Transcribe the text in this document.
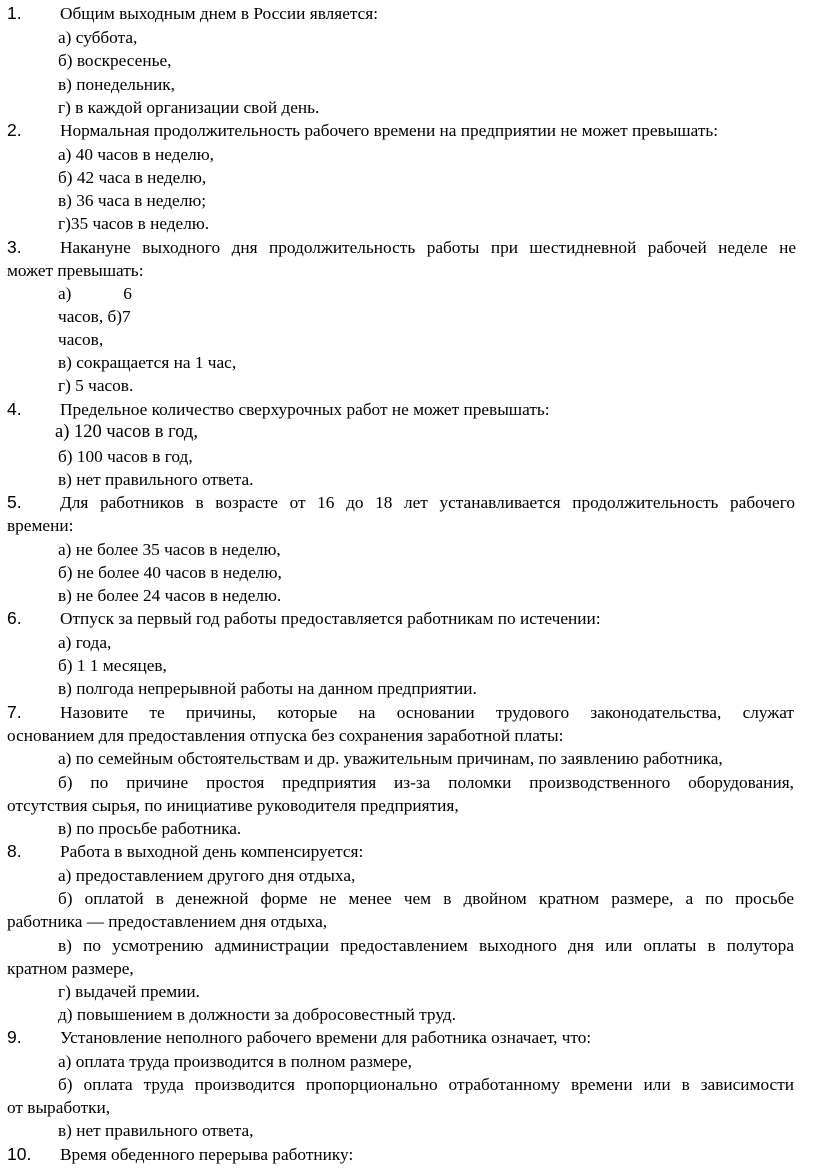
1. Общим выходным днем в России является:

а) суббота,

б) воскресенье,

в) понедельник,

г) в каждой организации свой день.

2. Нормальная продолжительность рабочего времени на предприятии не может превышать:

а) 40 часов в неделю,

б) 42 часа в неделю,

в) 36 часа в неделю;

г)35 часов в неделю.

3. Накануне выходного дня продолжительность работы при шестидневной рабочей неделе не

может превышать:

а)            6

часов, б)7

часов,

в) сокращается на 1 час,

г) 5 часов.

4. Предельное количество сверхурочных работ не может превышать:

а) 120 часов в год,

б) 100 часов в год,

в) нет правильного ответа.

5. Для работников в возрасте от 16 до 18 лет устанавливается продолжительность рабочего

времени:

а) не более 35 часов в неделю,

б) не более 40 часов в неделю,

в) не более 24 часов в неделю.

6. Отпуск за первый год работы предоставляется работникам по истечении:

а) года,

б) 1 1 месяцев,

в) полгода непрерывной работы на данном предприятии.

7. Назовите те причины, которые на основании трудового законодательства, служат

основанием для предоставления отпуска без сохранения заработной платы:

а) по семейным обстоятельствам и др. уважительным причинам, по заявлению работника,

б) по причине простоя предприятия из-за поломки производственного оборудования,

отсутствия сырья, по инициативе руководителя предприятия,

в) по просьбе работника.

8. Работа в выходной день компенсируется:

а) предоставлением другого дня отдыха,

б) оплатой в денежной форме не менее чем в двойном кратном размере, а по просьбе

работника — предоставлением дня отдыха,

в) по усмотрению администрации предоставлением выходного дня или оплаты в полутора

кратном размере,

г) выдачей премии.

д) повышением в должности за добросовестный труд.

9. Установление неполного рабочего времени для работника означает, что:

а) оплата труда производится в полном размере,

б) оплата труда производится пропорционально отработанному времени или в зависимости

от выработки,

в) нет правильного ответа,

10. Время обеденного перерыва работнику:
